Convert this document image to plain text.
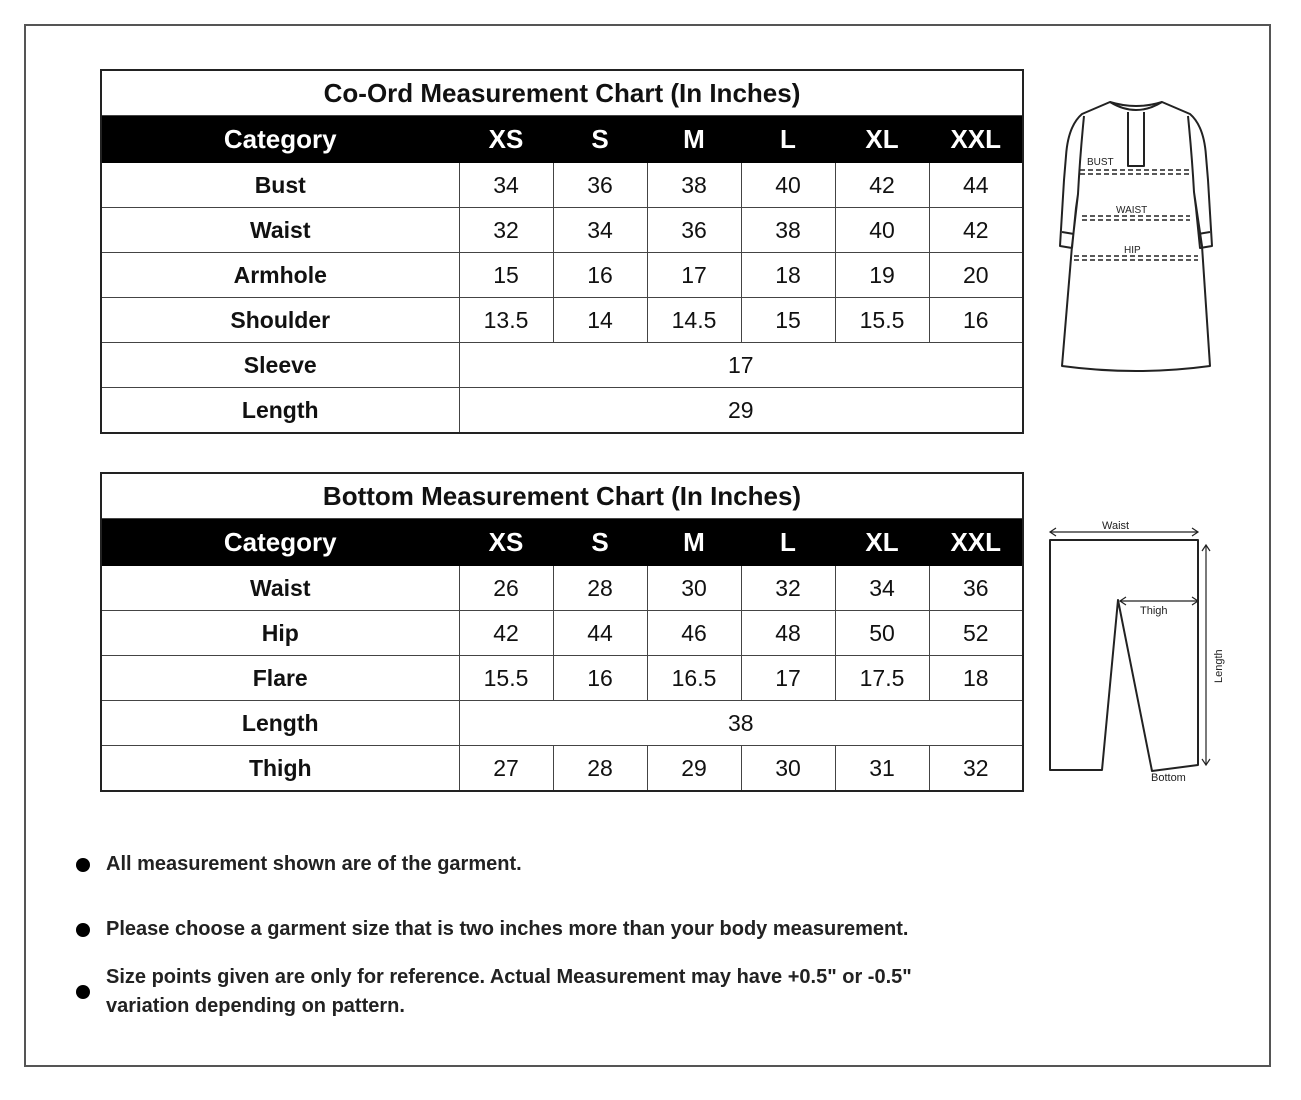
Co-Ord Measurement Chart (In Inches)						
Category	XS	S	M	L	XL	XXL
Bust	34	36	38	40	42	44
Waist	32	34	36	38	40	42
Armhole	15	16	17	18	19	20
Shoulder	13.5	14	14.5	15	15.5	16
Sleeve	17					
Length	29					
BUST
WAIST
HIP
Bottom Measurement Chart (In Inches)						
Category	XS	S	M	L	XL	XXL
Waist	26	28	30	32	34	36
Hip	42	44	46	48	50	52
Flare	15.5	16	16.5	17	17.5	18
Length	38					
Thigh	27	28	29	30	31	32
Waist
Thigh
Length
Bottom
All measurement shown are of the garment.
Please choose a garment size that is two inches more than your body measurement.
Size points given are only for reference. Actual Measurement may have +0.5" or -0.5"
variation depending on pattern.
